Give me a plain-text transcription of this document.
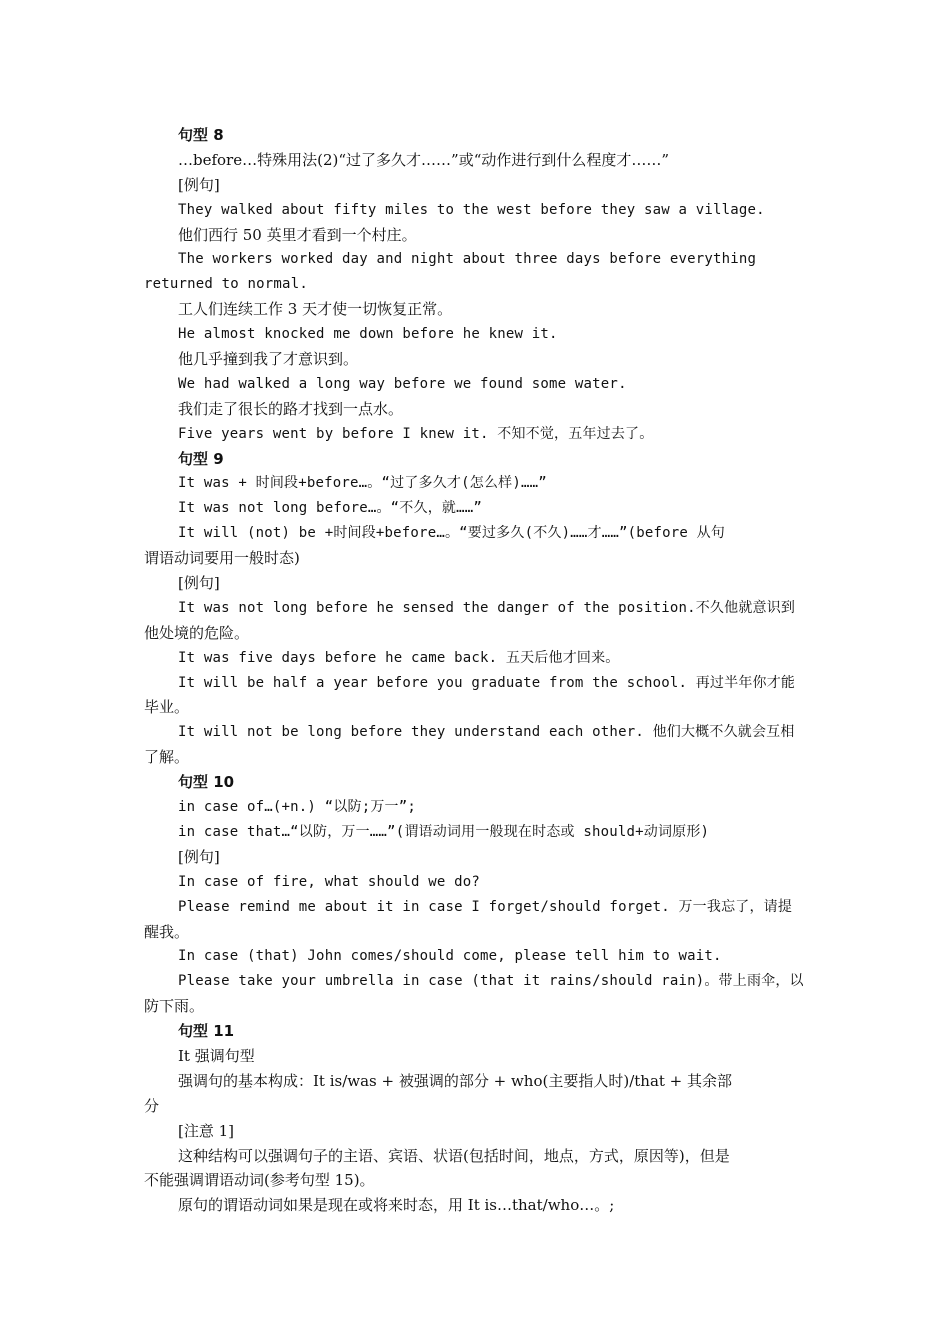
句型 8
…before…特殊用法(2)“过了多久才……”或“动作进行到什么程度才……”
[例句]
They walked about fifty miles to the west before they saw a village.
他们西行 50 英里才看到一个村庄。
The workers worked day and night about three days before everything
returned to normal.
工人们连续工作 3 天才使一切恢复正常。
He almost knocked me down before he knew it.
他几乎撞到我了才意识到。
We had walked a long way before we found some water.
我们走了很长的路才找到一点水。
Five years went by before I knew it. 不知不觉，五年过去了。
句型 9
It was + 时间段+before…。“过了多久才(怎么样)……”
It was not long before…。“不久，就……”
It will (not) be +时间段+before…。“要过多久(不久)……才……”(before 从句
谓语动词要用一般时态)
[例句]
It was not long before he sensed the danger of the position.不久他就意识到
他处境的危险。
It was five days before he came back. 五天后他才回来。
It will be half a year before you graduate from the school. 再过半年你才能
毕业。
It will not be long before they understand each other. 他们大概不久就会互相
了解。
句型 10
in case of…(+n.) “以防;万一”;
in case that…“以防，万一……”(谓语动词用一般现在时态或 should+动词原形)
[例句]
In case of fire, what should we do?
Please remind me about it in case I forget/should forget. 万一我忘了，请提
醒我。
In case (that) John comes/should come, please tell him to wait.
Please take your umbrella in case (that it rains/should rain)。带上雨伞，以
防下雨。
句型 11
It 强调句型
强调句的基本构成：It is/was + 被强调的部分 + who(主要指人时)/that + 其余部
分
[注意 1]
这种结构可以强调句子的主语、宾语、状语(包括时间，地点，方式，原因等)，但是
不能强调谓语动词(参考句型 15)。
原句的谓语动词如果是现在或将来时态，用 It is…that/who…。;
